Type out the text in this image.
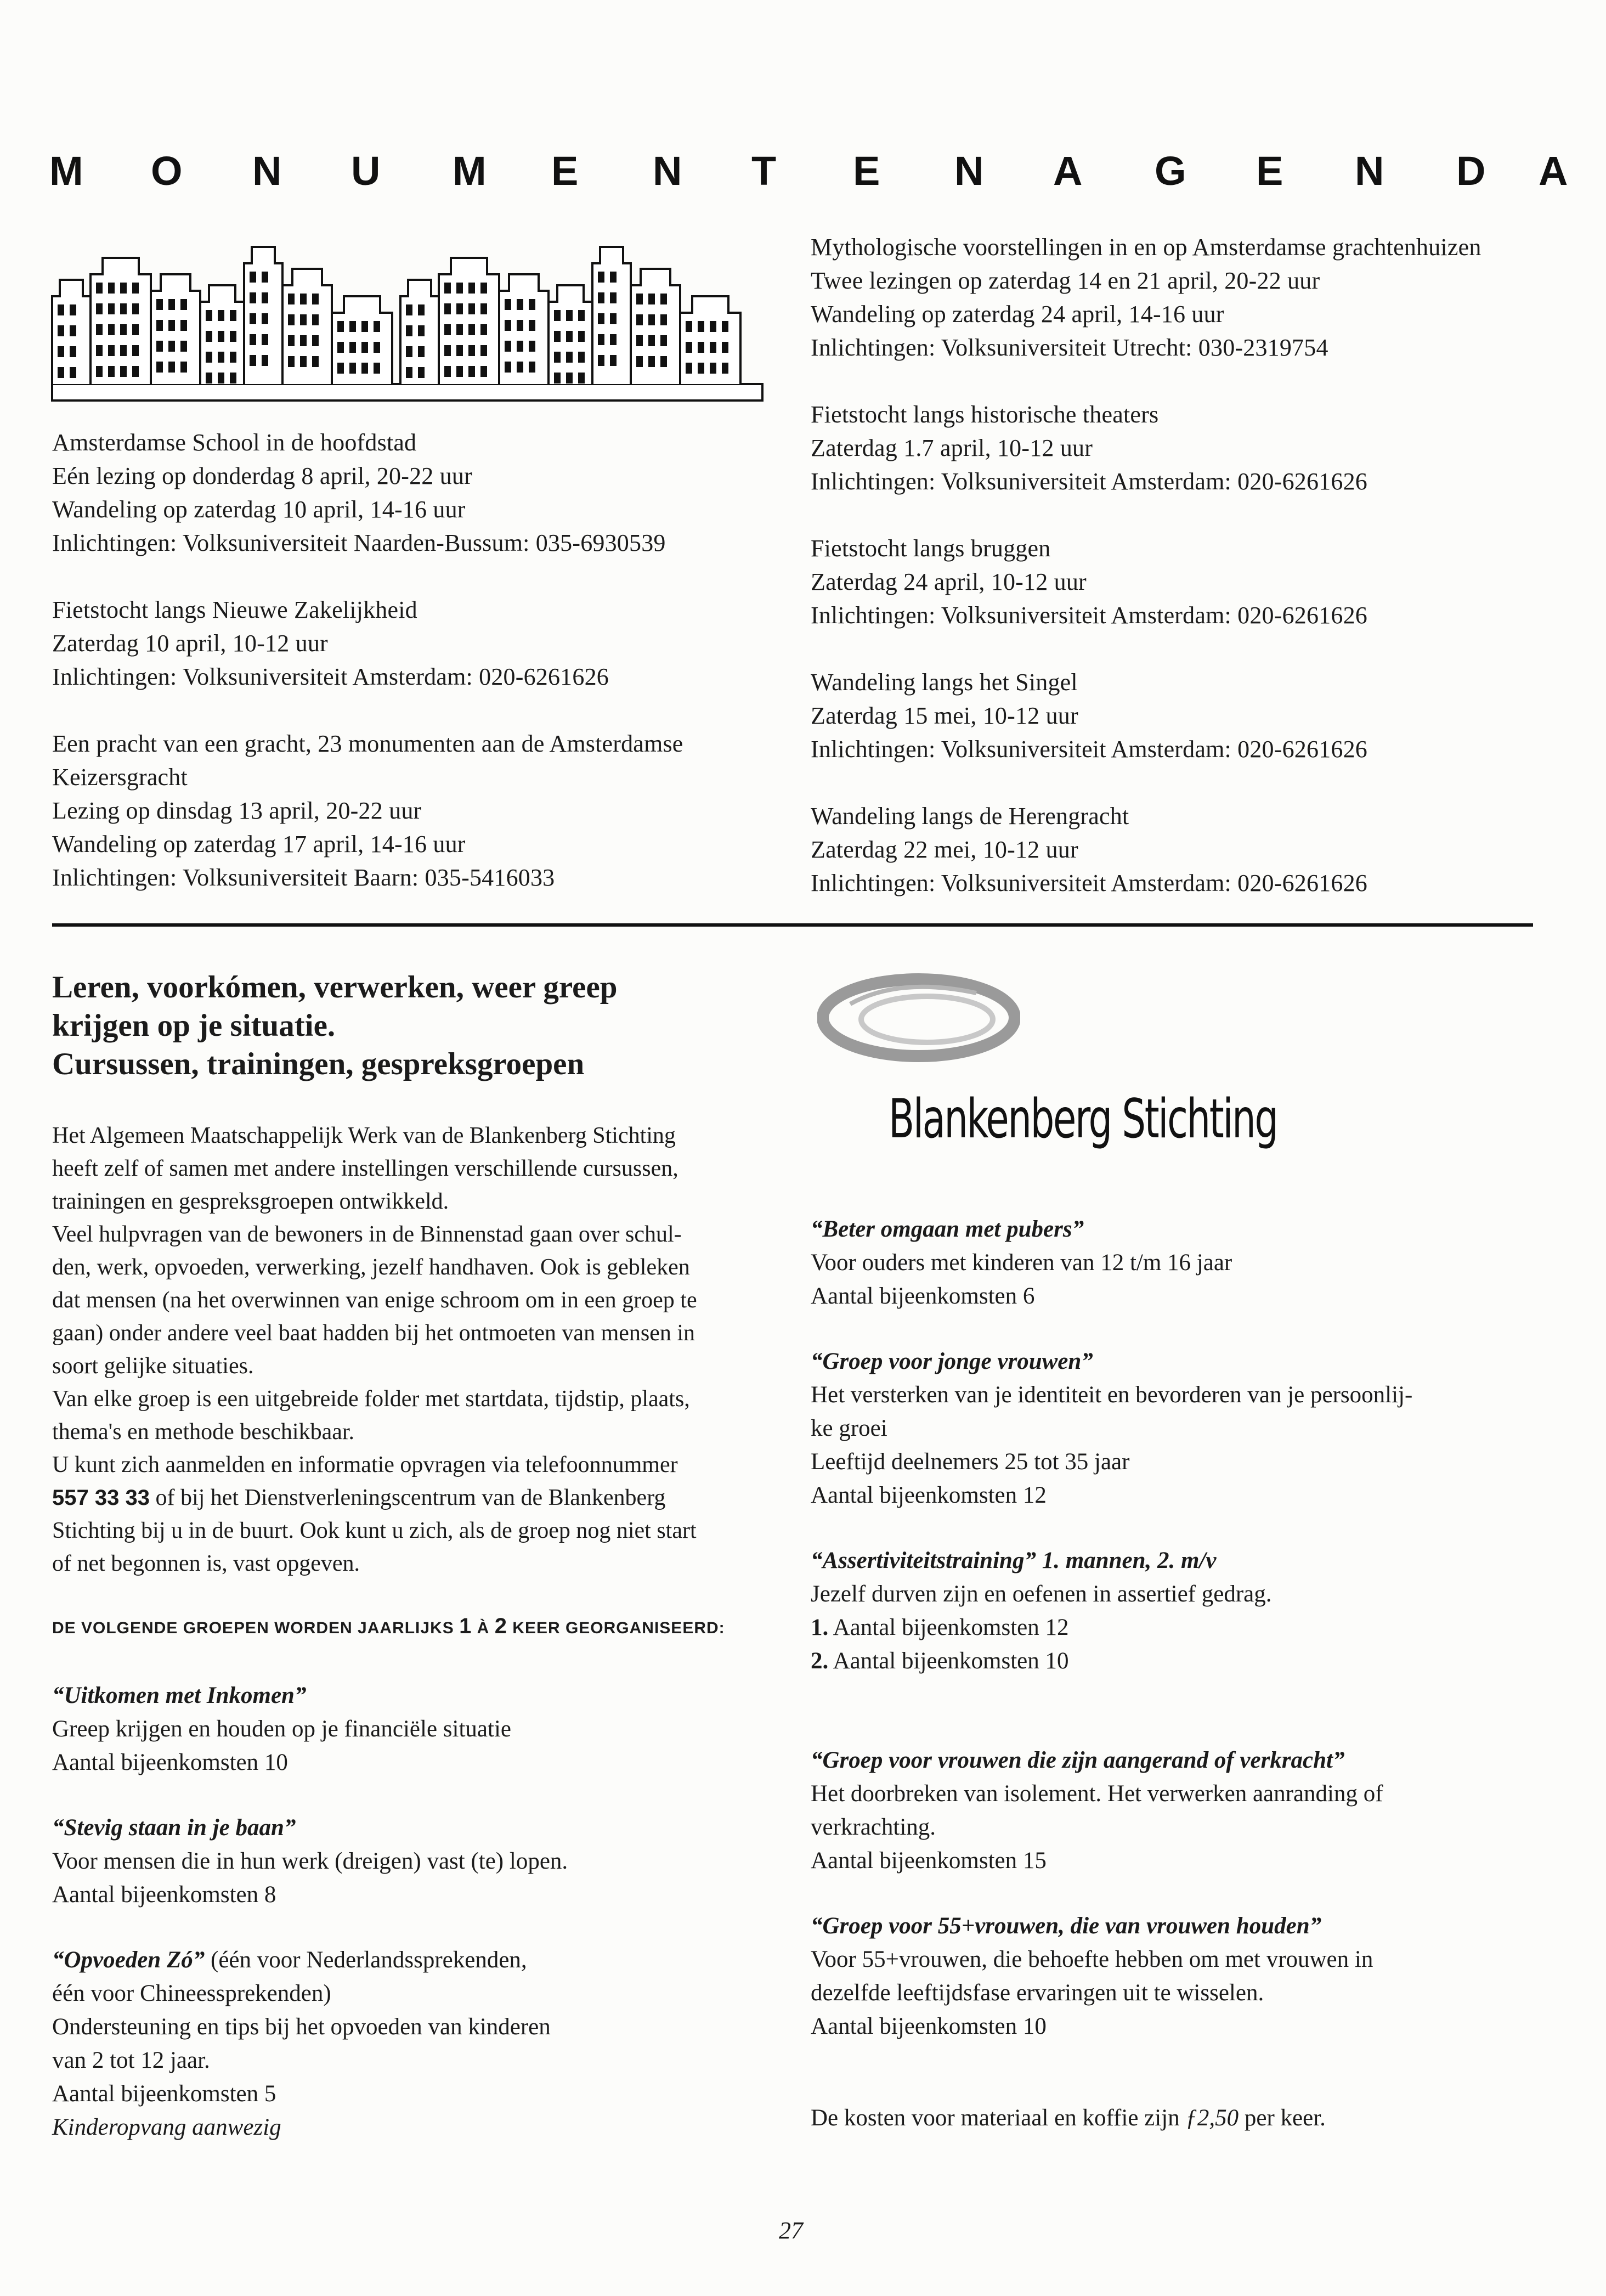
M O N U M E N T E N A G E N D A
Amsterdamse School in de hoofdstad
Eén lezing op donderdag 8 april, 20-22 uur
Wandeling op zaterdag 10 april, 14-16 uur
Inlichtingen: Volksuniversiteit Naarden-Bussum: 035-6930539
Fietstocht langs Nieuwe Zakelijkheid
Zaterdag 10 april, 10-12 uur
Inlichtingen: Volksuniversiteit Amsterdam: 020-6261626
Een pracht van een gracht, 23 monumenten aan de Amsterdamse
Keizersgracht
Lezing op dinsdag 13 april, 20-22 uur
Wandeling op zaterdag 17 april, 14-16 uur
Inlichtingen: Volksuniversiteit Baarn: 035-5416033
Mythologische voorstellingen in en op Amsterdamse grachtenhuizen
Twee lezingen op zaterdag 14 en 21 april, 20-22 uur
Wandeling op zaterdag 24 april, 14-16 uur
Inlichtingen: Volksuniversiteit Utrecht: 030-2319754
Fietstocht langs historische theaters
Zaterdag 1.7 april, 10-12 uur
Inlichtingen: Volksuniversiteit Amsterdam: 020-6261626
Fietstocht langs bruggen
Zaterdag 24 april, 10-12 uur
Inlichtingen: Volksuniversiteit Amsterdam: 020-6261626
Wandeling langs het Singel
Zaterdag 15 mei, 10-12 uur
Inlichtingen: Volksuniversiteit Amsterdam: 020-6261626
Wandeling langs de Herengracht
Zaterdag 22 mei, 10-12 uur
Inlichtingen: Volksuniversiteit Amsterdam: 020-6261626
Leren, voorkómen, verwerken, weer greep
krijgen op je situatie.
Cursussen, trainingen, gespreksgroepen
Het Algemeen Maatschappelijk Werk van de Blankenberg Stichting
heeft zelf of samen met andere instellingen verschillende cursussen,
trainingen en gespreksgroepen ontwikkeld.
Veel hulpvragen van de bewoners in de Binnenstad gaan over schul-
den, werk, opvoeden, verwerking, jezelf handhaven. Ook is gebleken
dat mensen (na het overwinnen van enige schroom om in een groep te
gaan) onder andere veel baat hadden bij het ontmoeten van mensen in
soort gelijke situaties.
Van elke groep is een uitgebreide folder met startdata, tijdstip, plaats,
thema's en methode beschikbaar.
U kunt zich aanmelden en informatie opvragen via telefoonnummer
557 33 33 of bij het Dienstverleningscentrum van de Blankenberg
Stichting bij u in de buurt. Ook kunt u zich, als de groep nog niet start
of net begonnen is, vast opgeven.
DE VOLGENDE GROEPEN WORDEN JAARLIJKS 1 À 2 KEER GEORGANISEERD:
“Uitkomen met Inkomen”
Greep krijgen en houden op je financiële situatie
Aantal bijeenkomsten 10
“Stevig staan in je baan”
Voor mensen die in hun werk (dreigen) vast (te) lopen.
Aantal bijeenkomsten 8
“Opvoeden Zó” (één voor Nederlandssprekenden,
één voor Chineessprekenden)
Ondersteuning en tips bij het opvoeden van kinderen
van 2 tot 12 jaar.
Aantal bijeenkomsten 5
Kinderopvang aanwezig
Blankenberg Stichting
“Beter omgaan met pubers”
Voor ouders met kinderen van 12 t/m 16 jaar
Aantal bijeenkomsten 6
“Groep voor jonge vrouwen”
Het versterken van je identiteit en bevorderen van je persoonlij-
ke groei
Leeftijd deelnemers 25 tot 35 jaar
Aantal bijeenkomsten 12
“Assertiviteitstraining” 1. mannen, 2. m/v
Jezelf durven zijn en oefenen in assertief gedrag.
1. Aantal bijeenkomsten 12
2. Aantal bijeenkomsten 10
“Groep voor vrouwen die zijn aangerand of verkracht”
Het doorbreken van isolement. Het verwerken aanranding of
verkrachting.
Aantal bijeenkomsten 15
“Groep voor 55+vrouwen, die van vrouwen houden”
Voor 55+vrouwen, die behoefte hebben om met vrouwen in
dezelfde leeftijdsfase ervaringen uit te wisselen.
Aantal bijeenkomsten 10
De kosten voor materiaal en koffie zijn ƒ2,50 per keer.
27
